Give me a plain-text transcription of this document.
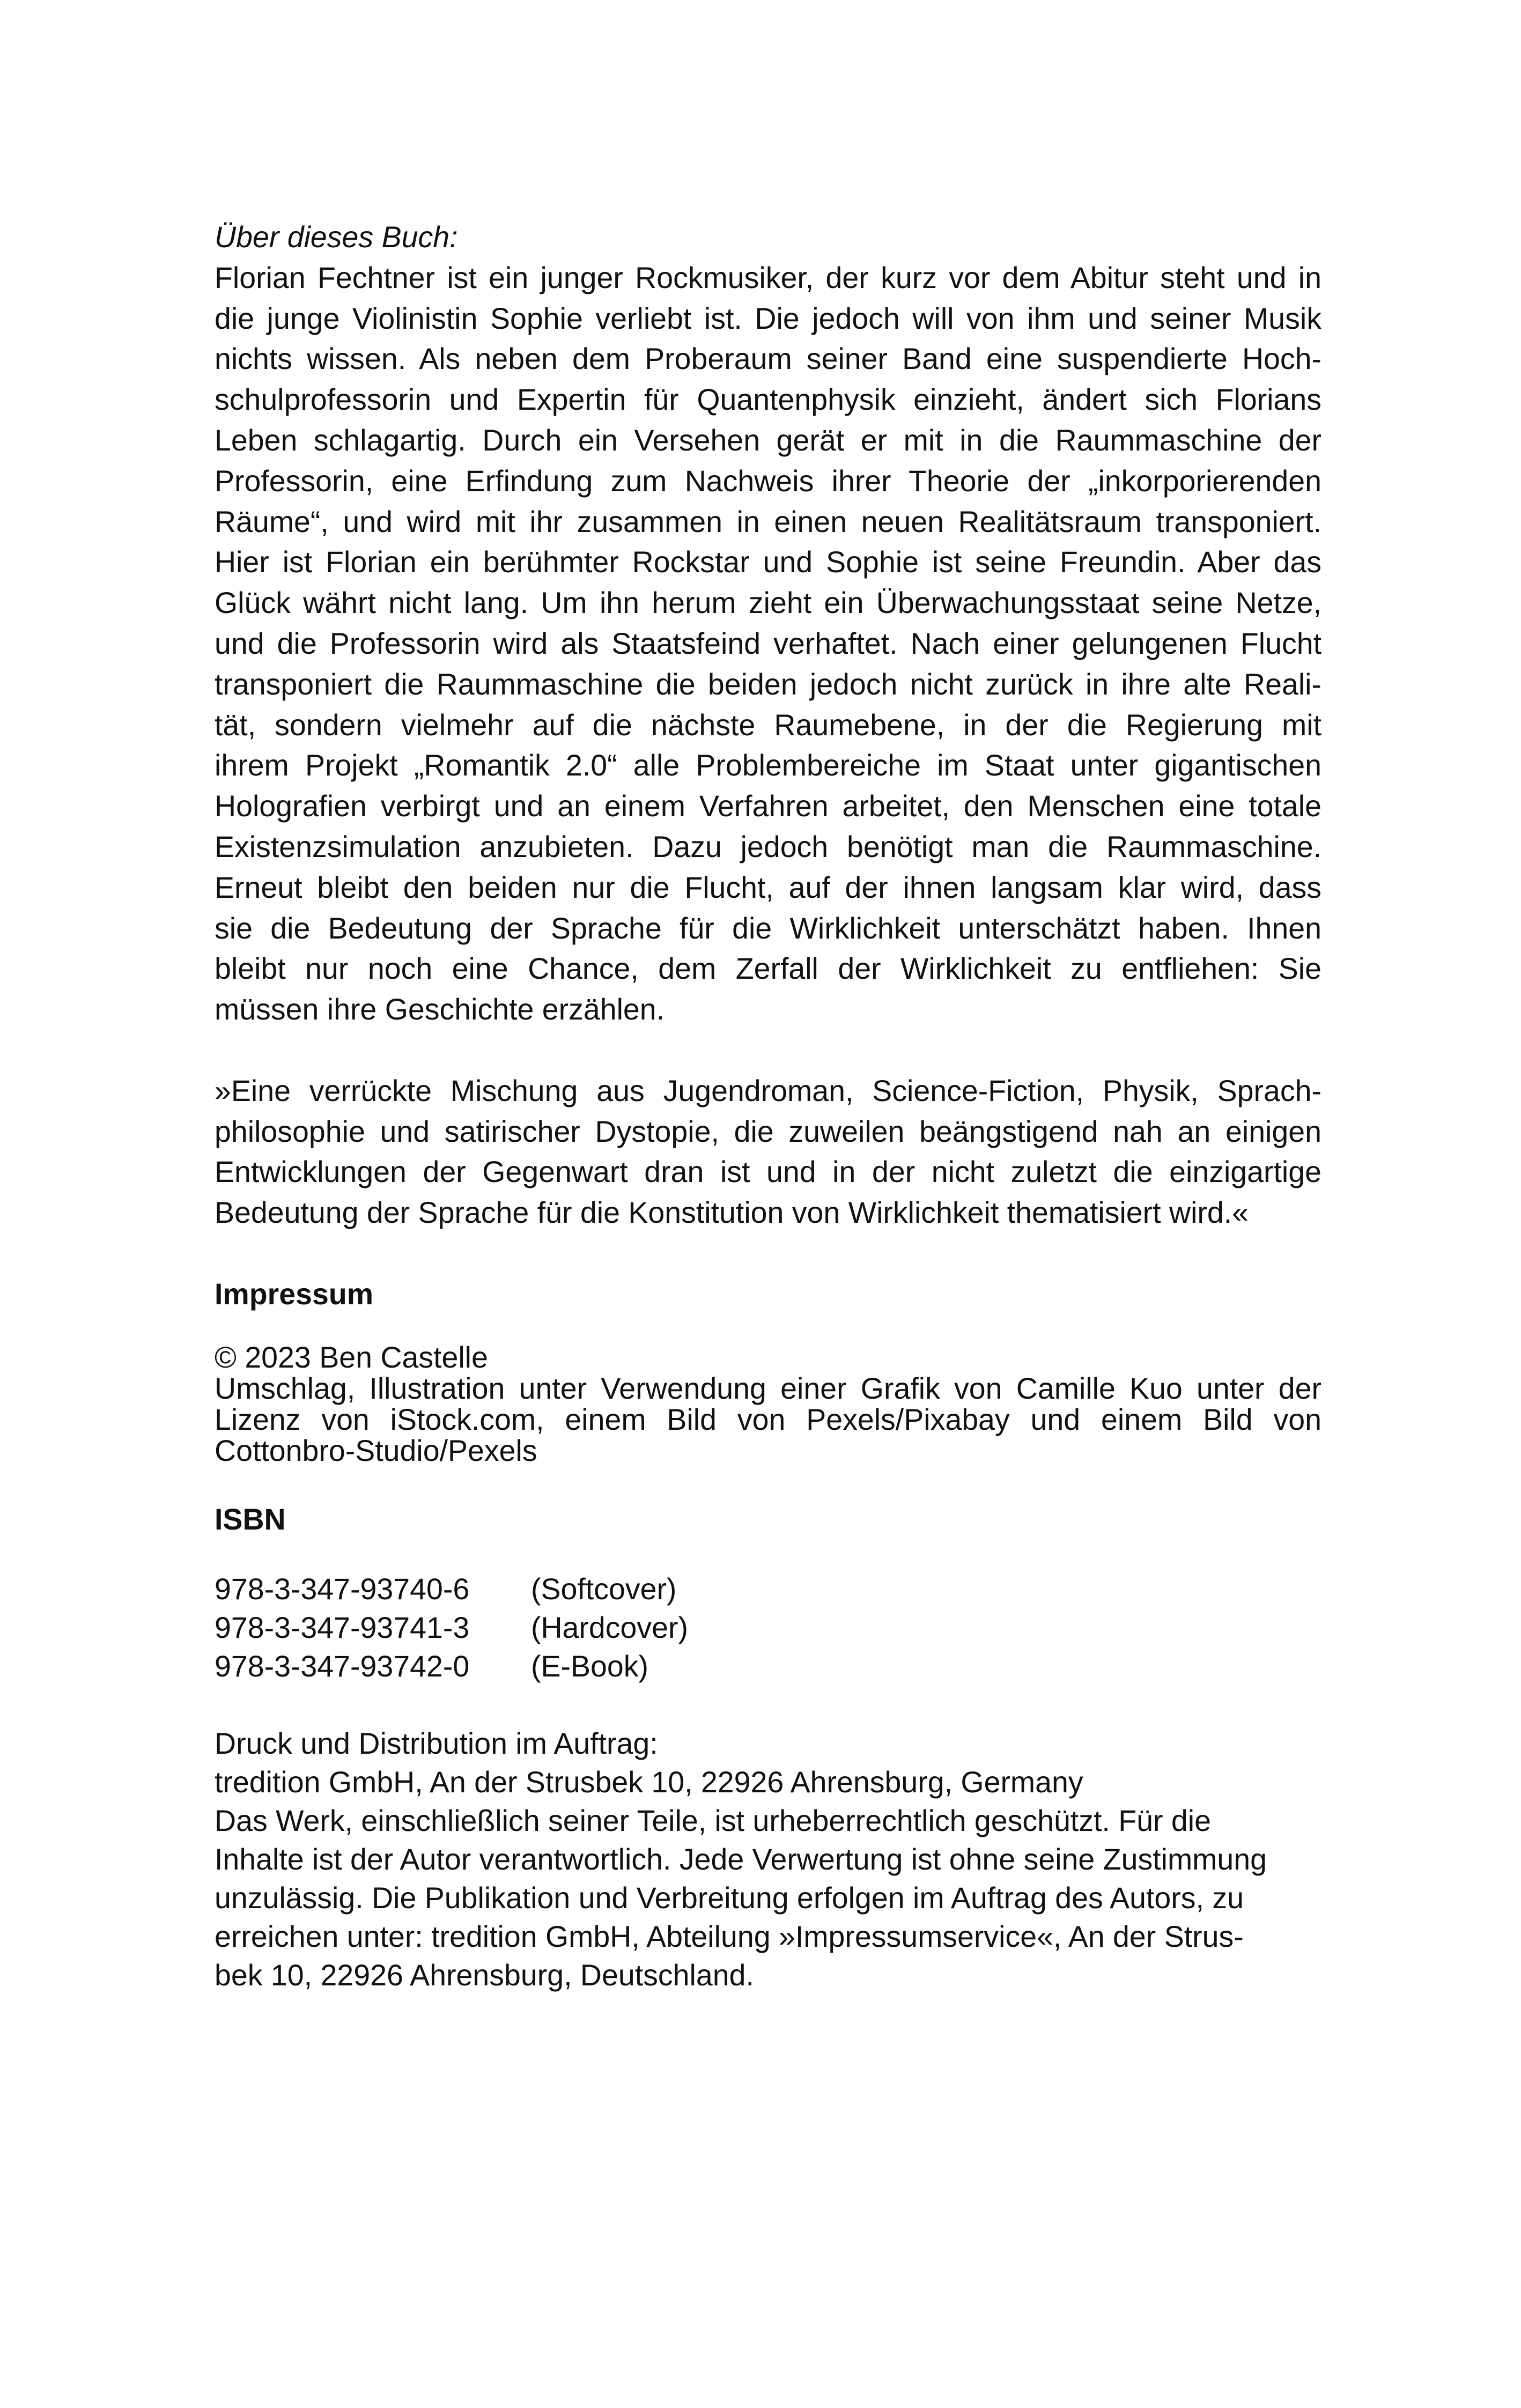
Über dieses Buch:
Florian Fechtner ist ein junger Rockmusiker, der kurz vor dem Abitur steht und in
die junge Violinistin Sophie verliebt ist. Die jedoch will von ihm und seiner Musik
nichts wissen. Als neben dem Proberaum seiner Band eine suspendierte Hoch-
schulprofessorin und Expertin für Quantenphysik einzieht, ändert sich Florians
Leben schlagartig. Durch ein Versehen gerät er mit in die Raummaschine der
Professorin, eine Erfindung zum Nachweis ihrer Theorie der „inkorporierenden
Räume“, und wird mit ihr zusammen in einen neuen Realitätsraum transponiert.
Hier ist Florian ein berühmter Rockstar und Sophie ist seine Freundin. Aber das
Glück währt nicht lang. Um ihn herum zieht ein Überwachungsstaat seine Netze,
und die Professorin wird als Staatsfeind verhaftet. Nach einer gelungenen Flucht
transponiert die Raummaschine die beiden jedoch nicht zurück in ihre alte Reali-
tät, sondern vielmehr auf die nächste Raumebene, in der die Regierung mit
ihrem Projekt „Romantik 2.0“ alle Problembereiche im Staat unter gigantischen
Holografien verbirgt und an einem Verfahren arbeitet, den Menschen eine totale
Existenzsimulation anzubieten. Dazu jedoch benötigt man die Raummaschine.
Erneut bleibt den beiden nur die Flucht, auf der ihnen langsam klar wird, dass
sie die Bedeutung der Sprache für die Wirklichkeit unterschätzt haben. Ihnen
bleibt nur noch eine Chance, dem Zerfall der Wirklichkeit zu entfliehen: Sie
müssen ihre Geschichte erzählen.
»Eine verrückte Mischung aus Jugendroman, Science-Fiction, Physik, Sprach-
philosophie und satirischer Dystopie, die zuweilen beängstigend nah an einigen
Entwicklungen der Gegenwart dran ist und in der nicht zuletzt die einzigartige
Bedeutung der Sprache für die Konstitution von Wirklichkeit thematisiert wird.«
Impressum
© 2023 Ben Castelle
Umschlag, Illustration unter Verwendung einer Grafik von Camille Kuo unter der
Lizenz von iStock.com, einem Bild von Pexels/Pixabay und einem Bild von
Cottonbro-Studio/Pexels
ISBN
978-3-347-93740-6 (Softcover)
978-3-347-93741-3 (Hardcover)
978-3-347-93742-0 (E-Book)
Druck und Distribution im Auftrag:
tredition GmbH, An der Strusbek 10, 22926 Ahrensburg, Germany
Das Werk, einschließlich seiner Teile, ist urheberrechtlich geschützt. Für die
Inhalte ist der Autor verantwortlich. Jede Verwertung ist ohne seine Zustimmung
unzulässig. Die Publikation und Verbreitung erfolgen im Auftrag des Autors, zu
erreichen unter: tredition GmbH, Abteilung »Impressumservice«, An der Strus-
bek 10, 22926 Ahrensburg, Deutschland.
